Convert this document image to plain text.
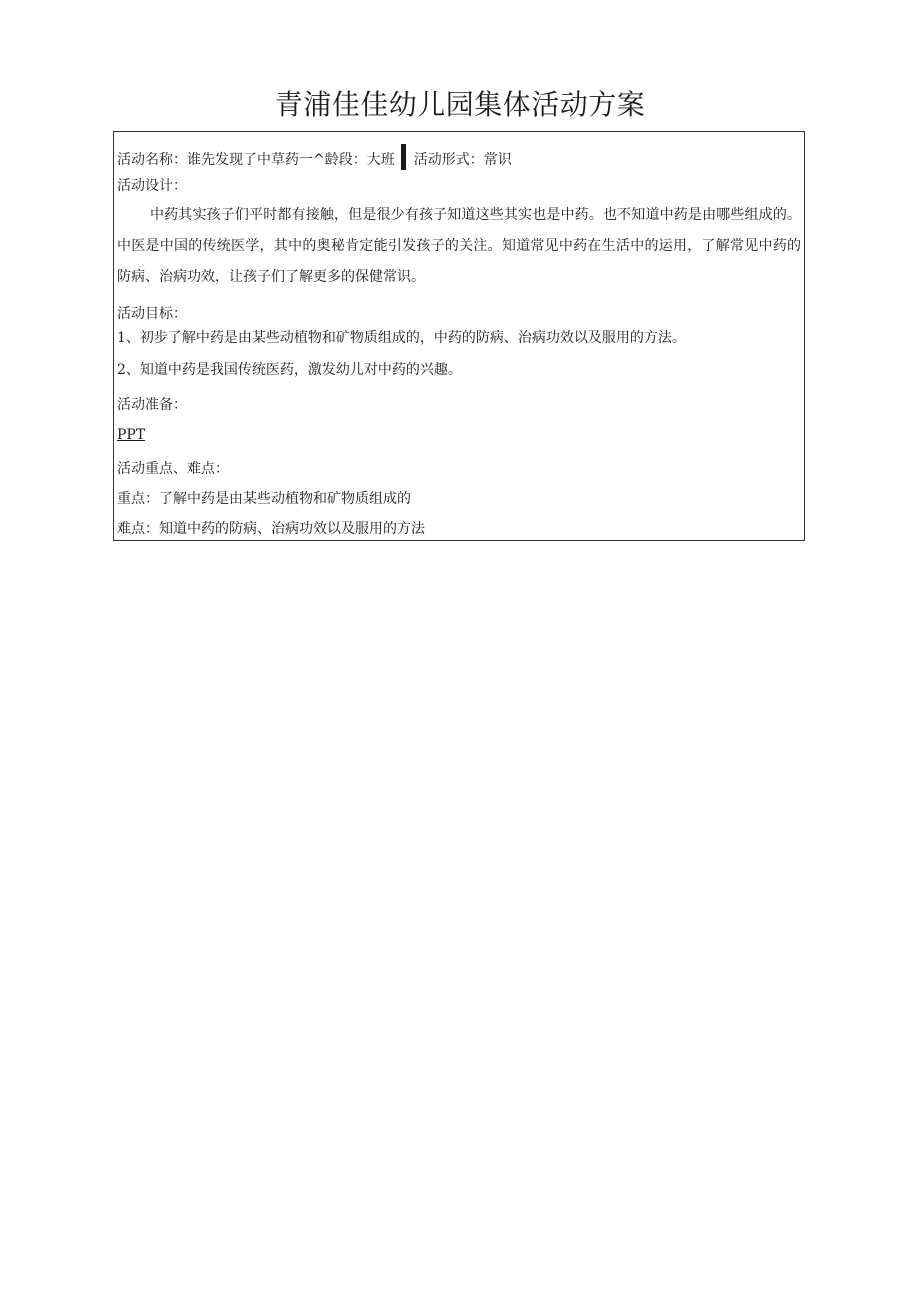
青浦佳佳幼儿园集体活动方案
活动名称：谁先发现了中草药一^龄段：大班 活动形式：常识
活动设计：
中药其实孩子们平时都有接触，但是很少有孩子知道这些其实也是中药。也不知道中药是由哪些组成的。中医是中国的传统医学，其中的奥秘肯定能引发孩子的关注。知道常见中药在生活中的运用，了解常见中药的防病、治病功效，让孩子们了解更多的保健常识。
活动目标：
1、初步了解中药是由某些动植物和矿物质组成的，中药的防病、治病功效以及服用的方法。
2、知道中药是我国传统医药，激发幼儿对中药的兴趣。
活动准备：
PPT
活动重点、难点：
重点：了解中药是由某些动植物和矿物质组成的
难点：知道中药的防病、治病功效以及服用的方法
